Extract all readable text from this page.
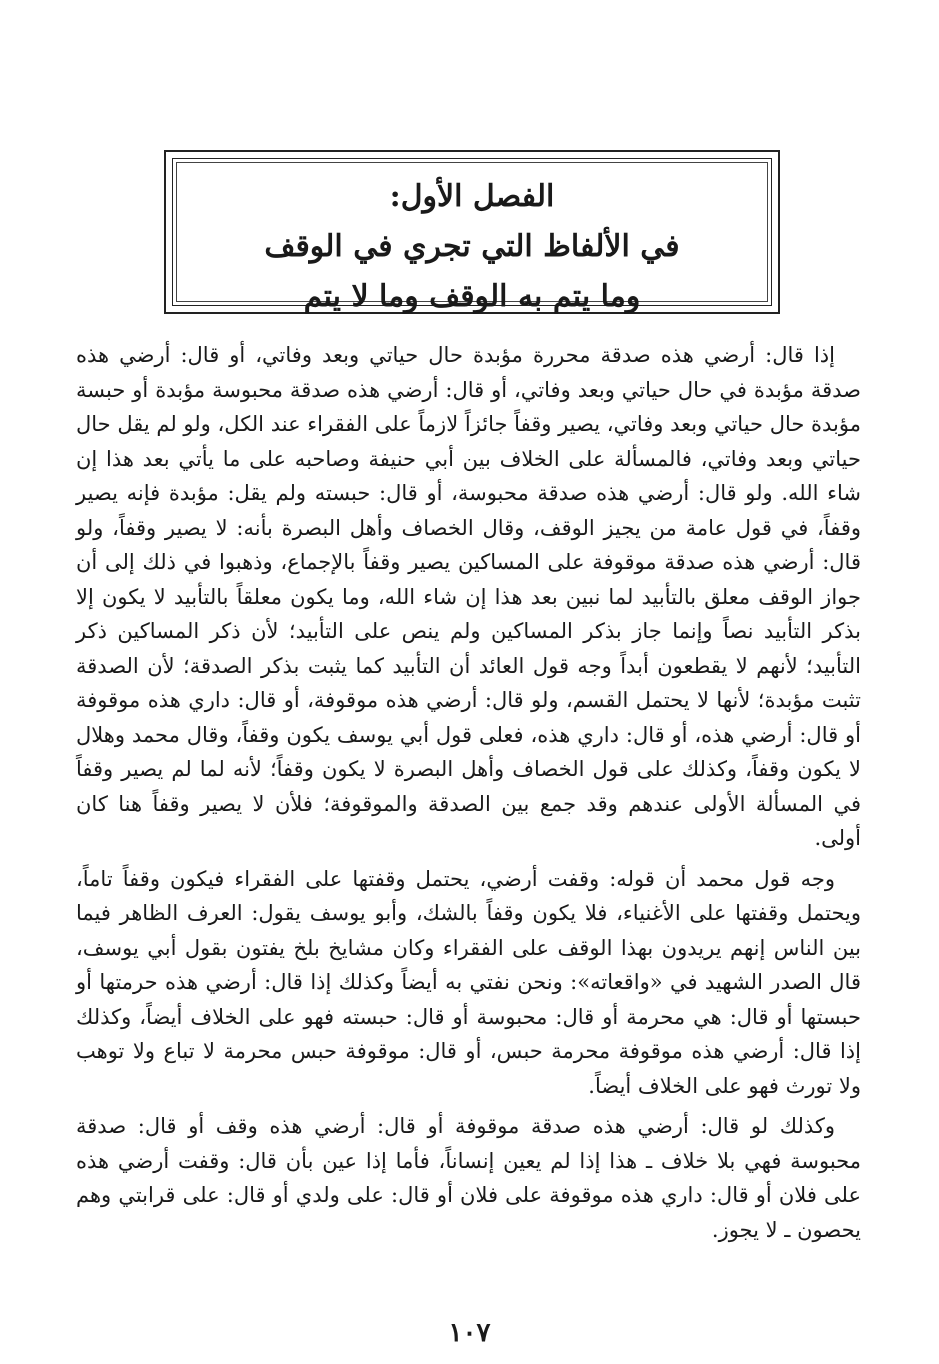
الفصل الأول:
في الألفاظ التي تجري في الوقف
وما يتم به الوقف وما لا يتم

إذا قال: أرضي هذه صدقة محررة مؤبدة حال حياتي وبعد وفاتي، أو قال: أرضي هذه صدقة مؤبدة في حال حياتي وبعد وفاتي، أو قال: أرضي هذه صدقة محبوسة مؤبدة أو حبسة مؤبدة حال حياتي وبعد وفاتي، يصير وقفاً جائزاً لازماً على الفقراء عند الكل، ولو لم يقل حال حياتي وبعد وفاتي، فالمسألة على الخلاف بين أبي حنيفة وصاحبه على ما يأتي بعد هذا إن شاء الله. ولو قال: أرضي هذه صدقة محبوسة، أو قال: حبسته ولم يقل: مؤبدة فإنه يصير وقفاً، في قول عامة من يجيز الوقف، وقال الخصاف وأهل البصرة بأنه: لا يصير وقفاً، ولو قال: أرضي هذه صدقة موقوفة على المساكين يصير وقفاً بالإجماع، وذهبوا في ذلك إلى أن جواز الوقف معلق بالتأبيد لما نبين بعد هذا إن شاء الله، وما يكون معلقاً بالتأبيد لا يكون إلا بذكر التأبيد نصاً وإنما جاز بذكر المساكين ولم ينص على التأبيد؛ لأن ذكر المساكين ذكر التأبيد؛ لأنهم لا يقطعون أبداً وجه قول العائد أن التأبيد كما يثبت بذكر الصدقة؛ لأن الصدقة تثبت مؤبدة؛ لأنها لا يحتمل القسم، ولو قال: أرضي هذه موقوفة، أو قال: داري هذه موقوفة أو قال: أرضي هذه، أو قال: داري هذه، فعلى قول أبي يوسف يكون وقفاً، وقال محمد وهلال لا يكون وقفاً، وكذلك على قول الخصاف وأهل البصرة لا يكون وقفاً؛ لأنه لما لم يصير وقفاً في المسألة الأولى عندهم وقد جمع بين الصدقة والموقوفة؛ فلأن لا يصير وقفاً هنا كان أولى.

وجه قول محمد أن قوله: وقفت أرضي، يحتمل وقفتها على الفقراء فيكون وقفاً تاماً، ويحتمل وقفتها على الأغنياء، فلا يكون وقفاً بالشك، وأبو يوسف يقول: العرف الظاهر فيما بين الناس إنهم يريدون بهذا الوقف على الفقراء وكان مشايخ بلخ يفتون بقول أبي يوسف، قال الصدر الشهيد في «واقعاته»: ونحن نفتي به أيضاً وكذلك إذا قال: أرضي هذه حرمتها أو حبستها أو قال: هي محرمة أو قال: محبوسة أو قال: حبسته فهو على الخلاف أيضاً، وكذلك إذا قال: أرضي هذه موقوفة محرمة حبس، أو قال: موقوفة حبس محرمة لا تباع ولا توهب ولا تورث فهو على الخلاف أيضاً.

وكذلك لو قال: أرضي هذه صدقة موقوفة أو قال: أرضي هذه وقف أو قال: صدقة محبوسة فهي بلا خلاف ـ هذا إذا لم يعين إنساناً، فأما إذا عين بأن قال: وقفت أرضي هذه على فلان أو قال: داري هذه موقوفة على فلان أو قال: على ولدي أو قال: على قرابتي وهم يحصون ـ لا يجوز.

١٠٧
